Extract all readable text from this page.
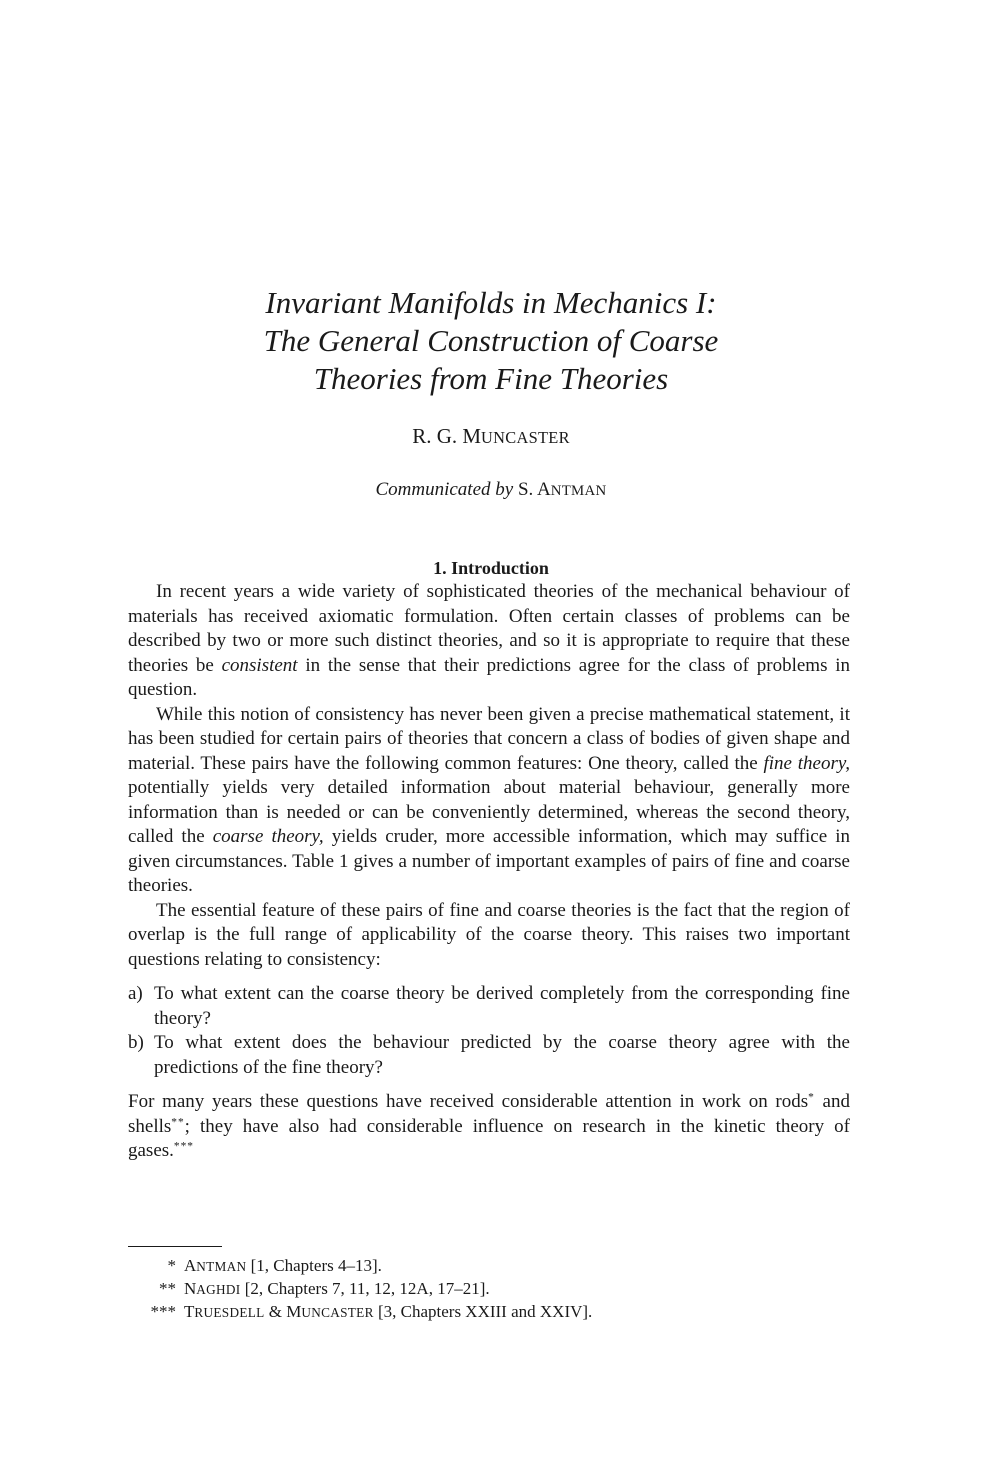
Invariant Manifolds in Mechanics I:
The General Construction of Coarse
Theories from Fine Theories
R. G. MUNCASTER
Communicated by S. ANTMAN
1. Introduction

In recent years a wide variety of sophisticated theories of the mechanical behaviour of materials has received axiomatic formulation. Often certain classes of problems can be described by two or more such distinct theories, and so it is appropriate to require that these theories be consistent in the sense that their predictions agree for the class of problems in question.

While this notion of consistency has never been given a precise mathematical statement, it has been studied for certain pairs of theories that concern a class of bodies of given shape and material. These pairs have the following common features: One theory, called the fine theory, potentially yields very detailed information about material behaviour, generally more information than is needed or can be conveniently determined, whereas the second theory, called the coarse theory, yields cruder, more accessible information, which may suffice in given circumstances. Table 1 gives a number of important examples of pairs of fine and coarse theories.

The essential feature of these pairs of fine and coarse theories is the fact that the region of overlap is the full range of applicability of the coarse theory. This raises two important questions relating to consistency:

a) To what extent can the coarse theory be derived completely from the corresponding fine theory?
b) To what extent does the behaviour predicted by the coarse theory agree with the predictions of the fine theory?

For many years these questions have received considerable attention in work on rods* and shells**; they have also had considerable influence on research in the kinetic theory of gases.***

* ANTMAN [1, Chapters 4–13].
** NAGHDI [2, Chapters 7, 11, 12, 12A, 17–21].
*** TRUESDELL & MUNCASTER [3, Chapters XXIII and XXIV].
